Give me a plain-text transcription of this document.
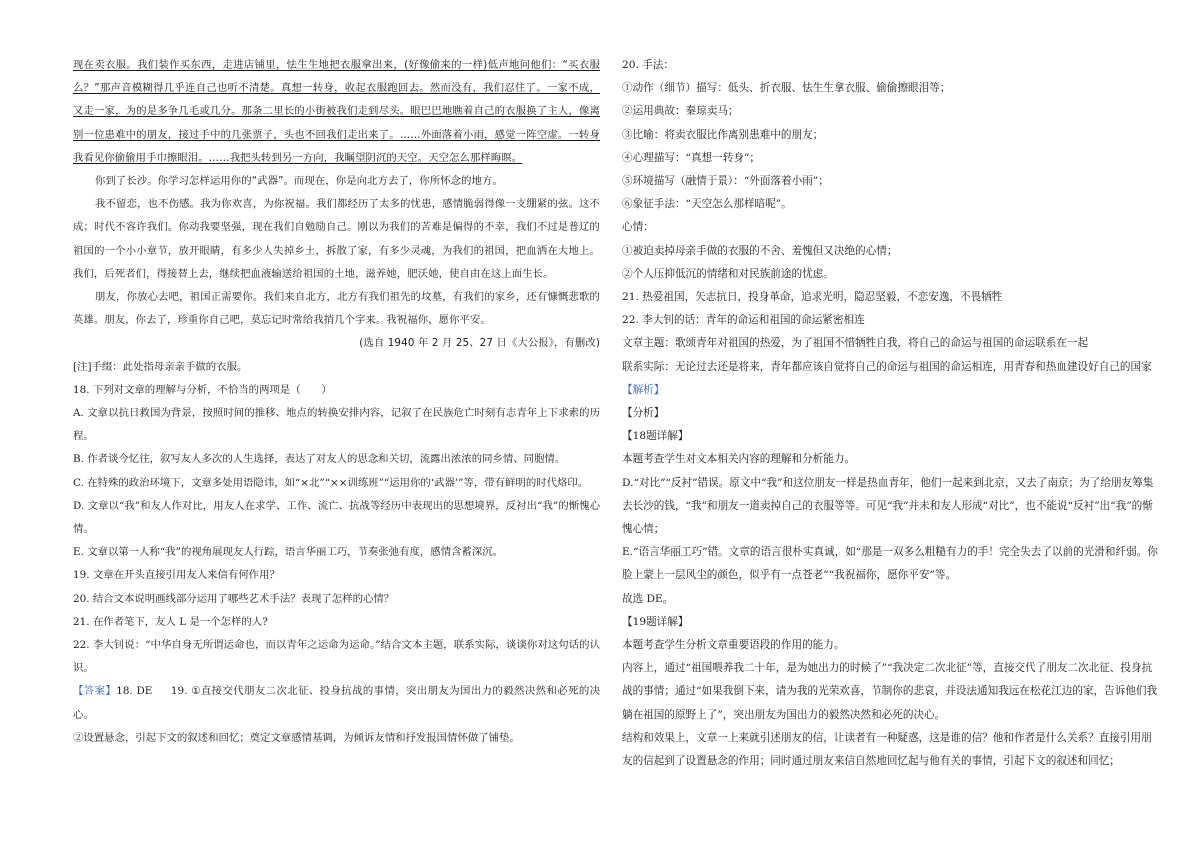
现在卖衣服。我们装作买东西，走进店铺里，怯生生地把衣服拿出来，(好像偷来的一样)低声地问他们：“买衣服么？”那声音模糊得几乎连自己也听不清楚。真想一转身，收起衣服跑回去。然而没有，我们忍住了。一家不成，又走一家，为的是多争几毛或几分。那条二里长的小街被我们走到尽头。眼巴巴地瞧着自己的衣服换了主人，像离别一位患难中的朋友，接过手中的几张票子，头也不回我们走出来了。……外面落着小雨，感觉一阵空虚。一转身我看见你偷偷用手巾擦眼泪。……我把头转到另一方向，我瞩望阴沉的天空。天空怎么那样晦暝。

你到了长沙。你学习怎样运用你的“武器”。而现在，你是向北方去了，你所怀念的地方。

我不留恋，也不伤感。我为你欢喜，为你祝福。我们都经历了太多的忧患，感情脆弱得像一支绷紧的弦。这不成；时代不容许我们。你动我要坚强，现在我们自勉励自己。刚以为我们的苦难是偏得的不幸，我们不过是普辽的祖国的一个小小章节，放开眼睛，有多少人失掉乡土，拆散了家，有多少灵魂，为我们的祖国，把血洒在大地上。我们，后死者们，得接替上去，继续把血液输送给祖国的土地，滋养她，肥沃她，使自由在这上面生长。

朋友，你放心去吧，祖国正需要你。我们来自北方，北方有我们祖先的坟墓，有我们的家乡，还有慷慨悲歌的英雄。朋友，你去了，珍重你自己吧，莫忘记时常给我捎几个字来。我祝福你，愿你平安。

(选自 1940 年 2 月 25、27 日《大公报》，有删改)

[注]手缀：此处指母亲亲手做的衣服。

18. 下列对文章的理解与分析，不恰当的两项是（　　）

A. 文章以抗日救国为背景，按照时间的推移、地点的转换安排内容，记叙了在民族危亡时刻有志青年上下求索的历程。

B. 作者谈今忆往，叙写友人多次的人生选择，表达了对友人的思念和关切，流露出浓浓的同乡情、同胞情。

C. 在特殊的政治环境下，文章多处用语隐讳，如“×北”“××训练班”“运用你的‘武器’”等，带有鲜明的时代烙印。

D. 文章以“我”和友人作对比，用友人在求学、工作、流亡、抗战等经历中表现出的思想境界，反衬出“我”的惭愧心情。

E. 文章以第一人称“我”的视角展现友人行踪，语言华丽工巧，节奏张弛有度，感情含蓄深沉。

19. 文章在开头直接引用友人来信有何作用？

20. 结合文本说明画线部分运用了哪些艺术手法？表现了怎样的心情？

21. 在作者笔下，友人 L 是一个怎样的人?

22. 李大钊说：“中华自身无所谓运命也，而以青年之运命为运命。”结合文本主题，联系实际，谈谈你对这句话的认识。

【答案】18. DE 19. ①直接交代朋友二次北征、投身抗战的事情，突出朋友为国出力的毅然决然和必死的决心。

②设置悬念，引起下文的叙述和回忆；奠定文章感情基调，为倾诉友情和抒发报国情怀做了铺垫。

20. 手法：

①动作（细节）描写：低头、折衣服、怯生生拿衣服、偷偷擦眼泪等；

②运用典故：秦琼卖马；

③比喻：将卖衣服比作离别患难中的朋友；

④心理描写：“真想一转身”；

⑤环境描写（融情于景）：“外面落着小雨”；

⑥象征手法：“天空怎么那样暗呢”。

心情：

①被迫卖掉母亲手做的衣服的不舍、羞愧但又决绝的心情；

②个人压抑低沉的情绪和对民族前途的忧虑。

21. 热爱祖国，矢志抗日，投身革命，追求光明，隐忍坚毅，不恋安逸，不畏牺牲

22. 李大钊的话：青年的命运和祖国的命运紧密相连

文章主题：歌颂青年对祖国的热爱，为了祖国不惜牺牲自我，将自己的命运与祖国的命运联系在一起

联系实际：无论过去还是将来，青年都应该自觉将自己的命运与祖国的命运相连，用青春和热血建设好自己的国家

【解析】

【分析】

【18题详解】

本题考查学生对文本相关内容的理解和分析能力。

D.“对比”“反衬”错误。原文中“我”和这位朋友一样是热血青年，他们一起来到北京，又去了南京；为了给朋友筹集去长沙的钱，“我”和朋友一道卖掉自己的衣服等等。可见“我”并未和友人形成“对比”，也不能说“反衬”出“我”的惭愧心情；

E.“语言华丽工巧”错。文章的语言很朴实真诚，如“那是一双多么粗糙有力的手！完全失去了以前的光滑和纤弱。你脸上蒙上一层风尘的颜色，似乎有一点苍老”“我祝福你，愿你平安”等。

故选 DE。

【19题详解】

本题考查学生分析文章重要语段的作用的能力。

内容上，通过“祖国喂养我二十年，是为她出力的时候了”“我决定二次北征”等，直接交代了朋友二次北征、投身抗战的事情；通过“如果我倒下来，请为我的光荣欢喜，节制你的悲哀，并设法通知我远在松花江边的家，告诉他们我躺在祖国的原野上了”，突出朋友为国出力的毅然决然和必死的决心。

结构和效果上，文章一上来就引述朋友的信，让读者有一种疑惑，这是谁的信？他和作者是什么关系？直接引用朋友的信起到了设置悬念的作用；同时通过朋友来信自然地回忆起与他有关的事情，引起下文的叙述和回忆；
